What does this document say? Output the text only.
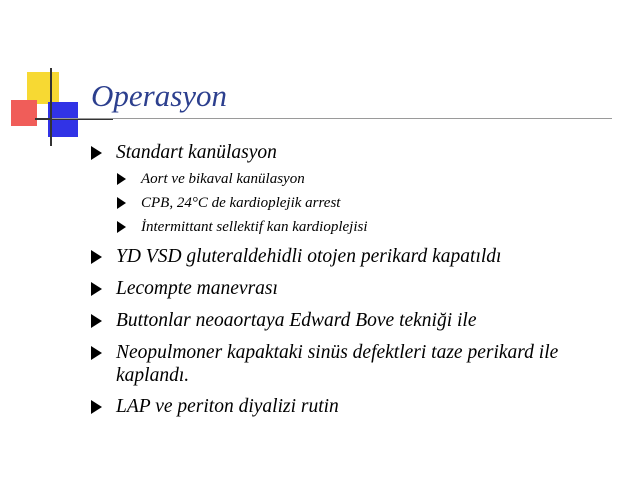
Operasyon
Standart kanülasyon
Aort ve bikaval kanülasyon
CPB, 24°C de kardioplejik arrest
İntermittant sellektif kan kardioplejisi
YD VSD gluteraldehidli otojen perikard kapatıldı
Lecompte manevrası
Buttonlar neoaortaya Edward Bove tekniği ile
Neopulmoner kapaktaki sinüs defektleri taze perikard ile kaplandı.
LAP ve periton diyalizi rutin
